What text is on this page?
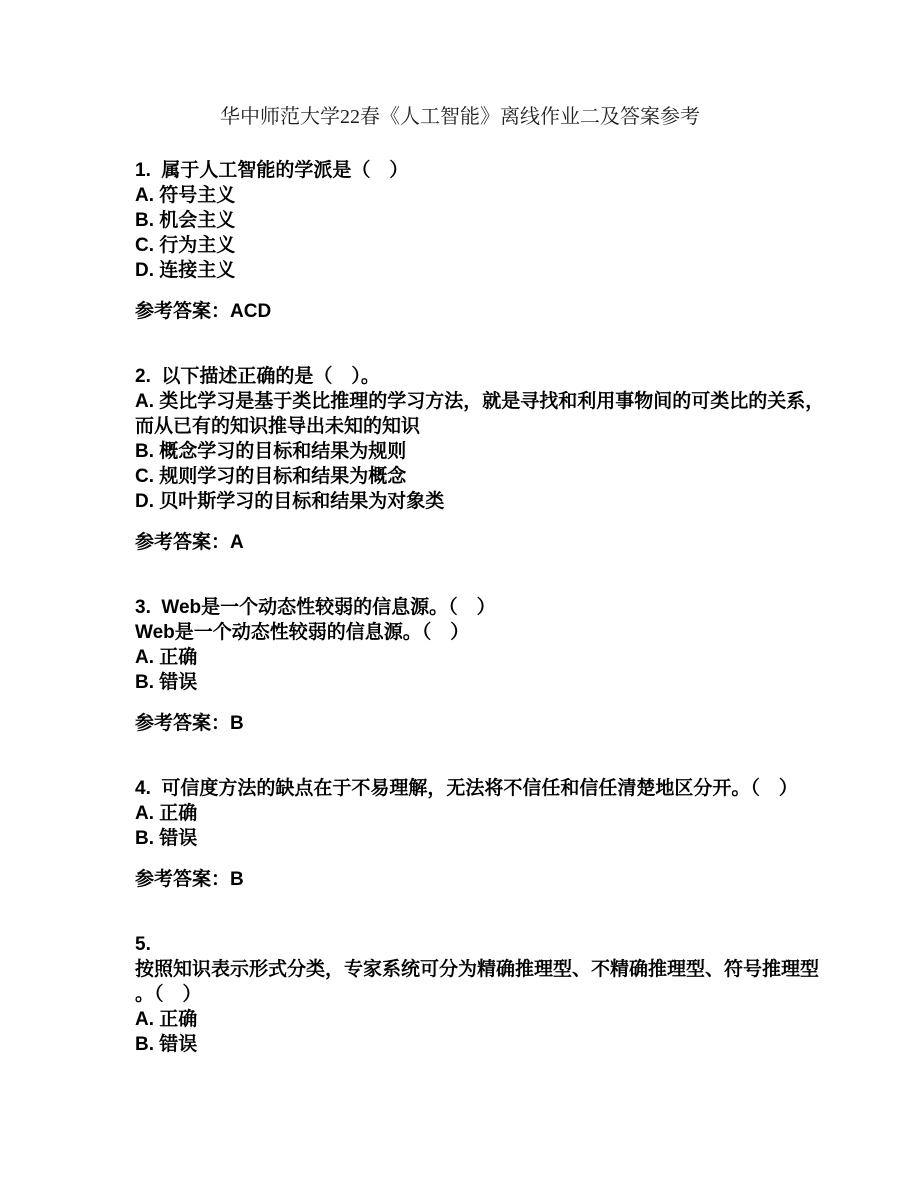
华中师范大学22春《人工智能》离线作业二及答案参考
1.  属于人工智能的学派是（　）
A. 符号主义
B. 机会主义
C. 行为主义
D. 连接主义
参考答案：ACD
2.  以下描述正确的是（　）。
A. 类比学习是基于类比推理的学习方法，就是寻找和利用事物间的可类比的关系，
而从已有的知识推导出未知的知识
B. 概念学习的目标和结果为规则
C. 规则学习的目标和结果为概念
D. 贝叶斯学习的目标和结果为对象类
参考答案：A
3.  Web是一个动态性较弱的信息源。（　）
Web是一个动态性较弱的信息源。（　）
A. 正确
B. 错误
参考答案：B
4.  可信度方法的缺点在于不易理解，无法将不信任和信任清楚地区分开。（　）
A. 正确
B. 错误
参考答案：B
5.
按照知识表示形式分类，专家系统可分为精确推理型、不精确推理型、符号推理型
。（　）
A. 正确
B. 错误
